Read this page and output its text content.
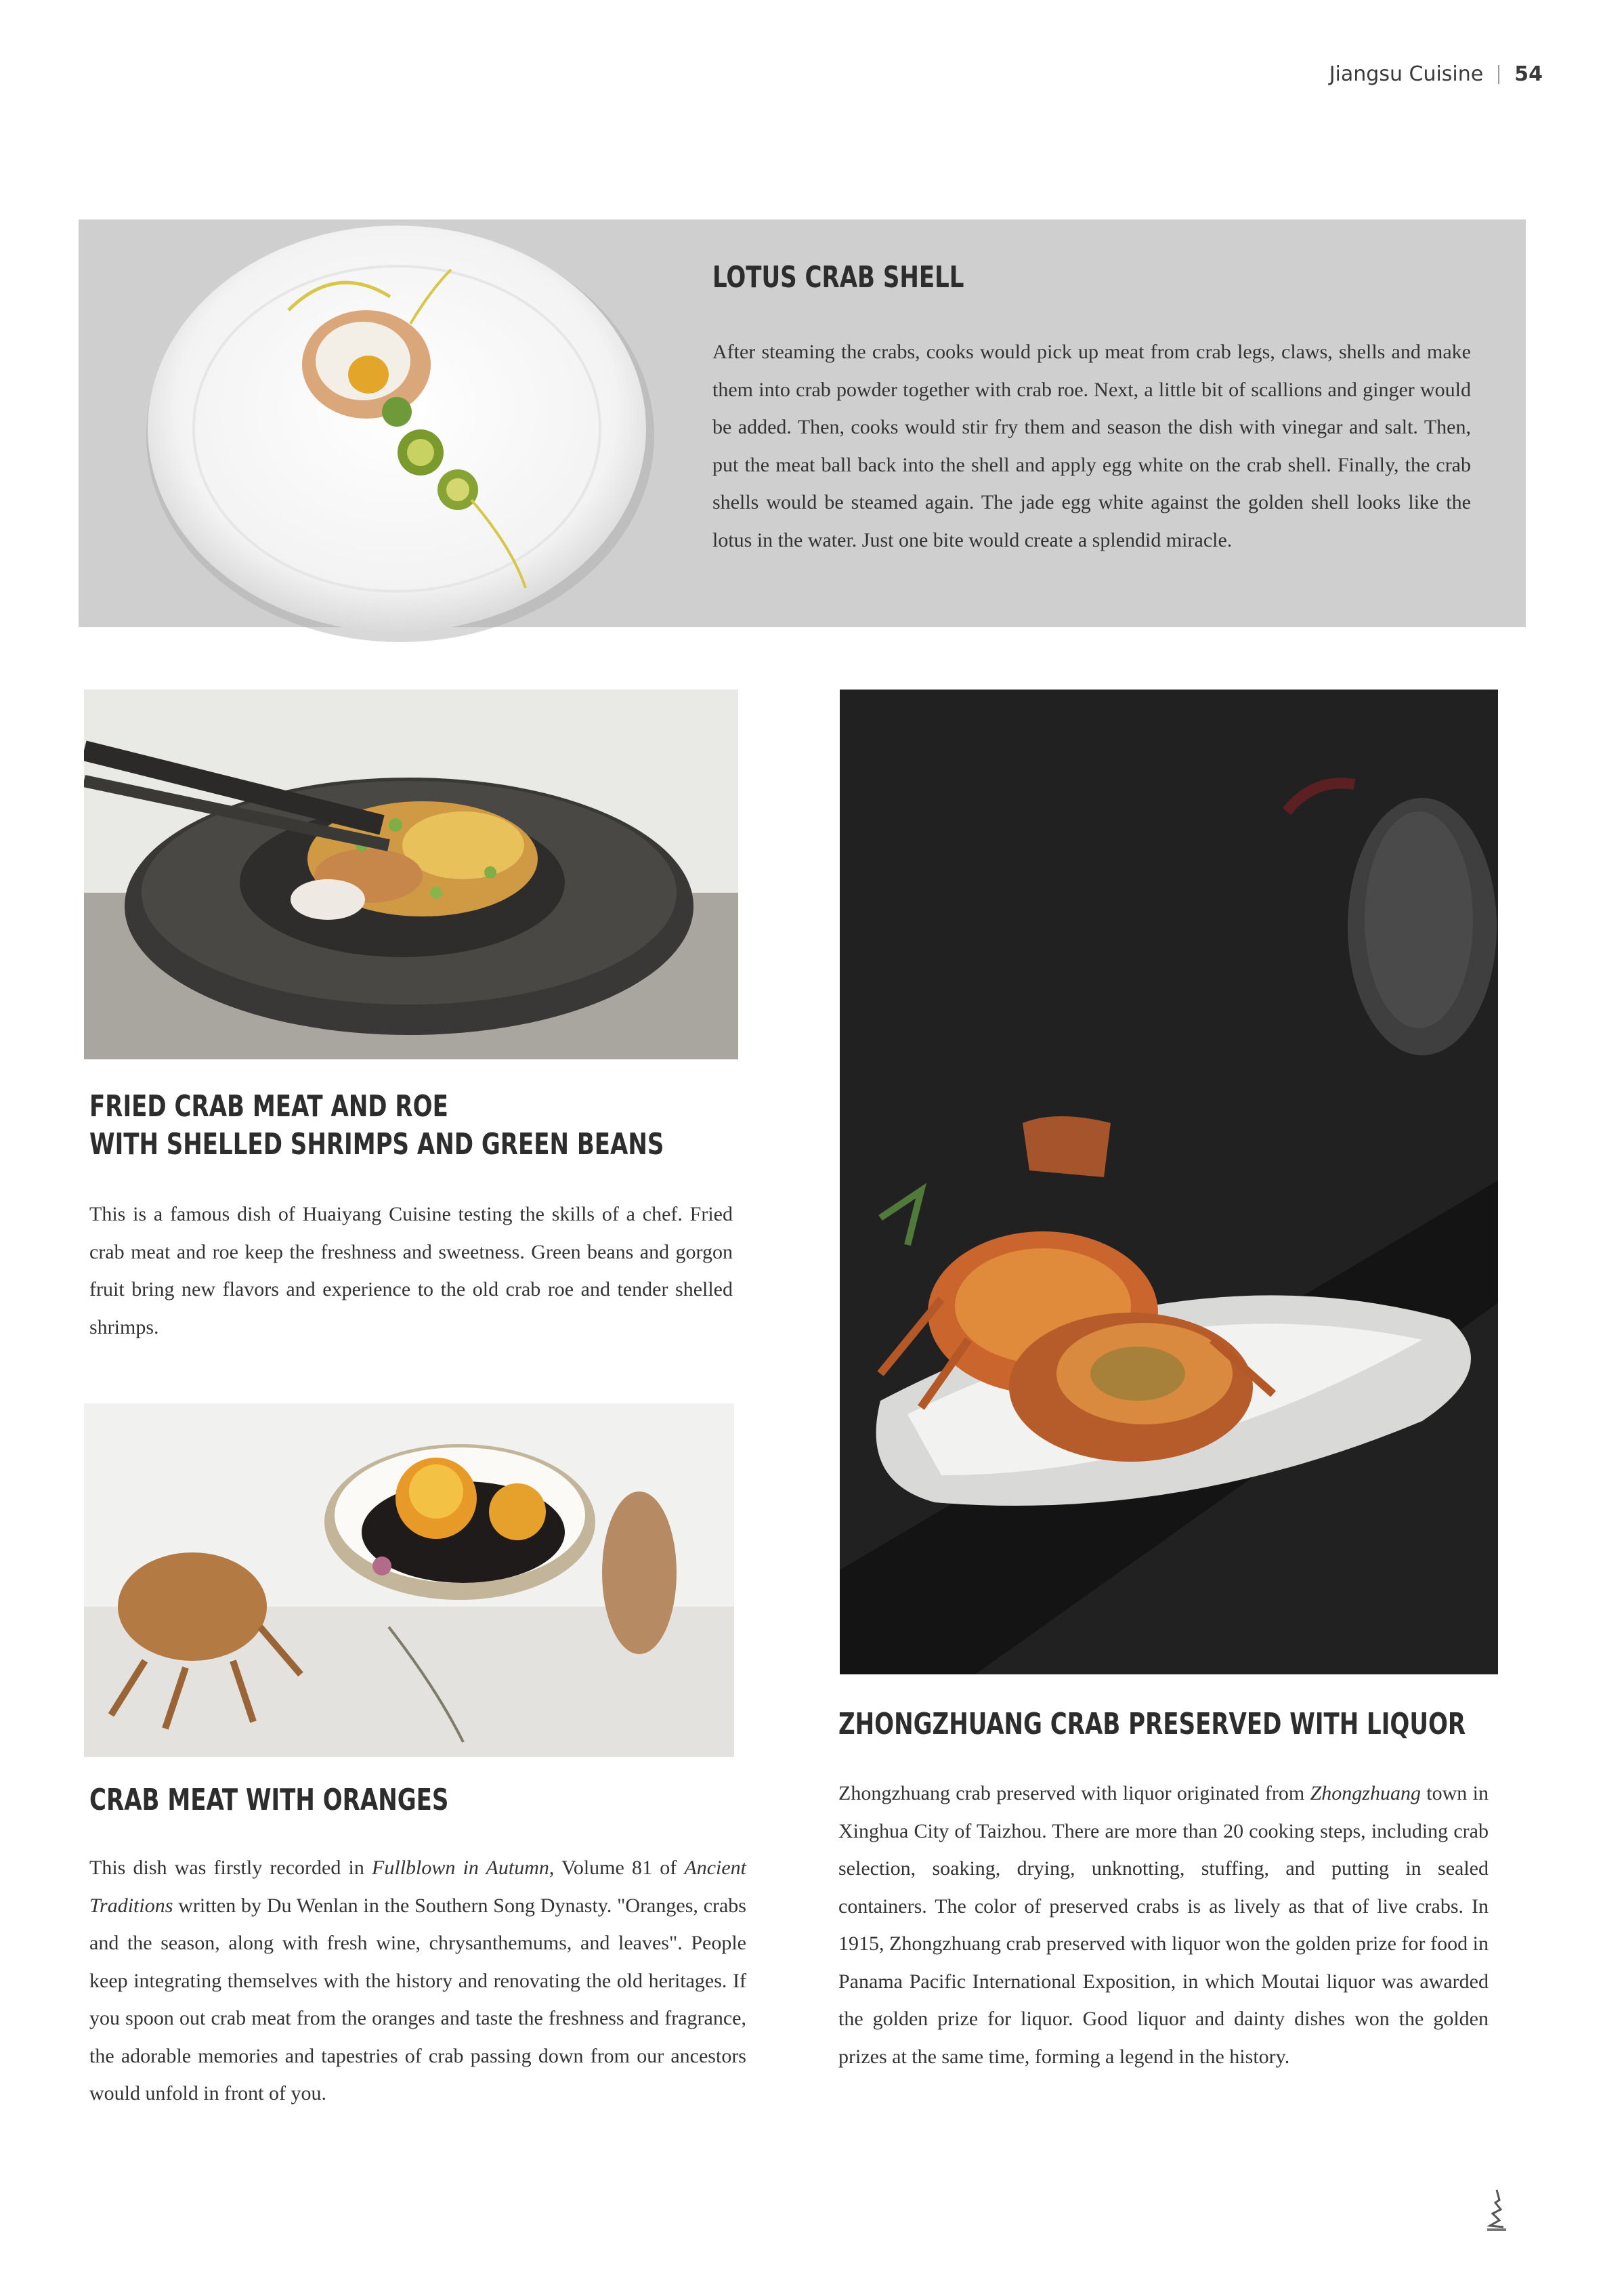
Jiangsu Cuisine 54
LOTUS CRAB SHELL
After steaming the crabs, cooks would pick up meat from crab legs, claws, shells and make them into crab powder together with crab roe. Next, a little bit of scallions and ginger would be added. Then, cooks would stir fry them and season the dish with vinegar and salt. Then, put the meat ball back into the shell and apply egg white on the crab shell. Finally, the crab shells would be steamed again. The jade egg white against the golden shell looks like the lotus in the water. Just one bite would create a splendid miracle.
FRIED CRAB MEAT AND ROE
WITH SHELLED SHRIMPS AND GREEN BEANS
This is a famous dish of Huaiyang Cuisine testing the skills of a chef. Fried crab meat and roe keep the freshness and sweetness. Green beans and gorgon fruit bring new flavors and experience to the old crab roe and tender shelled shrimps.
CRAB MEAT WITH ORANGES
This dish was firstly recorded in Fullblown in Autumn, Volume 81 of Ancient Traditions written by Du Wenlan in the Southern Song Dynasty. "Oranges, crabs and the season, along with fresh wine, chrysanthemums, and leaves". People keep integrating themselves with the history and renovating the old heritages. If you spoon out crab meat from the oranges and taste the freshness and fragrance, the adorable memories and tapestries of crab passing down from our ancestors would unfold in front of you.
ZHONGZHUANG CRAB PRESERVED WITH LIQUOR
Zhongzhuang crab preserved with liquor originated from Zhongzhuang town in Xinghua City of Taizhou. There are more than 20 cooking steps, including crab selection, soaking, drying, unknotting, stuffing, and putting in sealed containers. The color of preserved crabs is as lively as that of live crabs. In 1915, Zhongzhuang crab preserved with liquor won the golden prize for food in Panama Pacific International Exposition, in which Moutai liquor was awarded the golden prize for liquor. Good liquor and dainty dishes won the golden prizes at the same time, forming a legend in the history.
